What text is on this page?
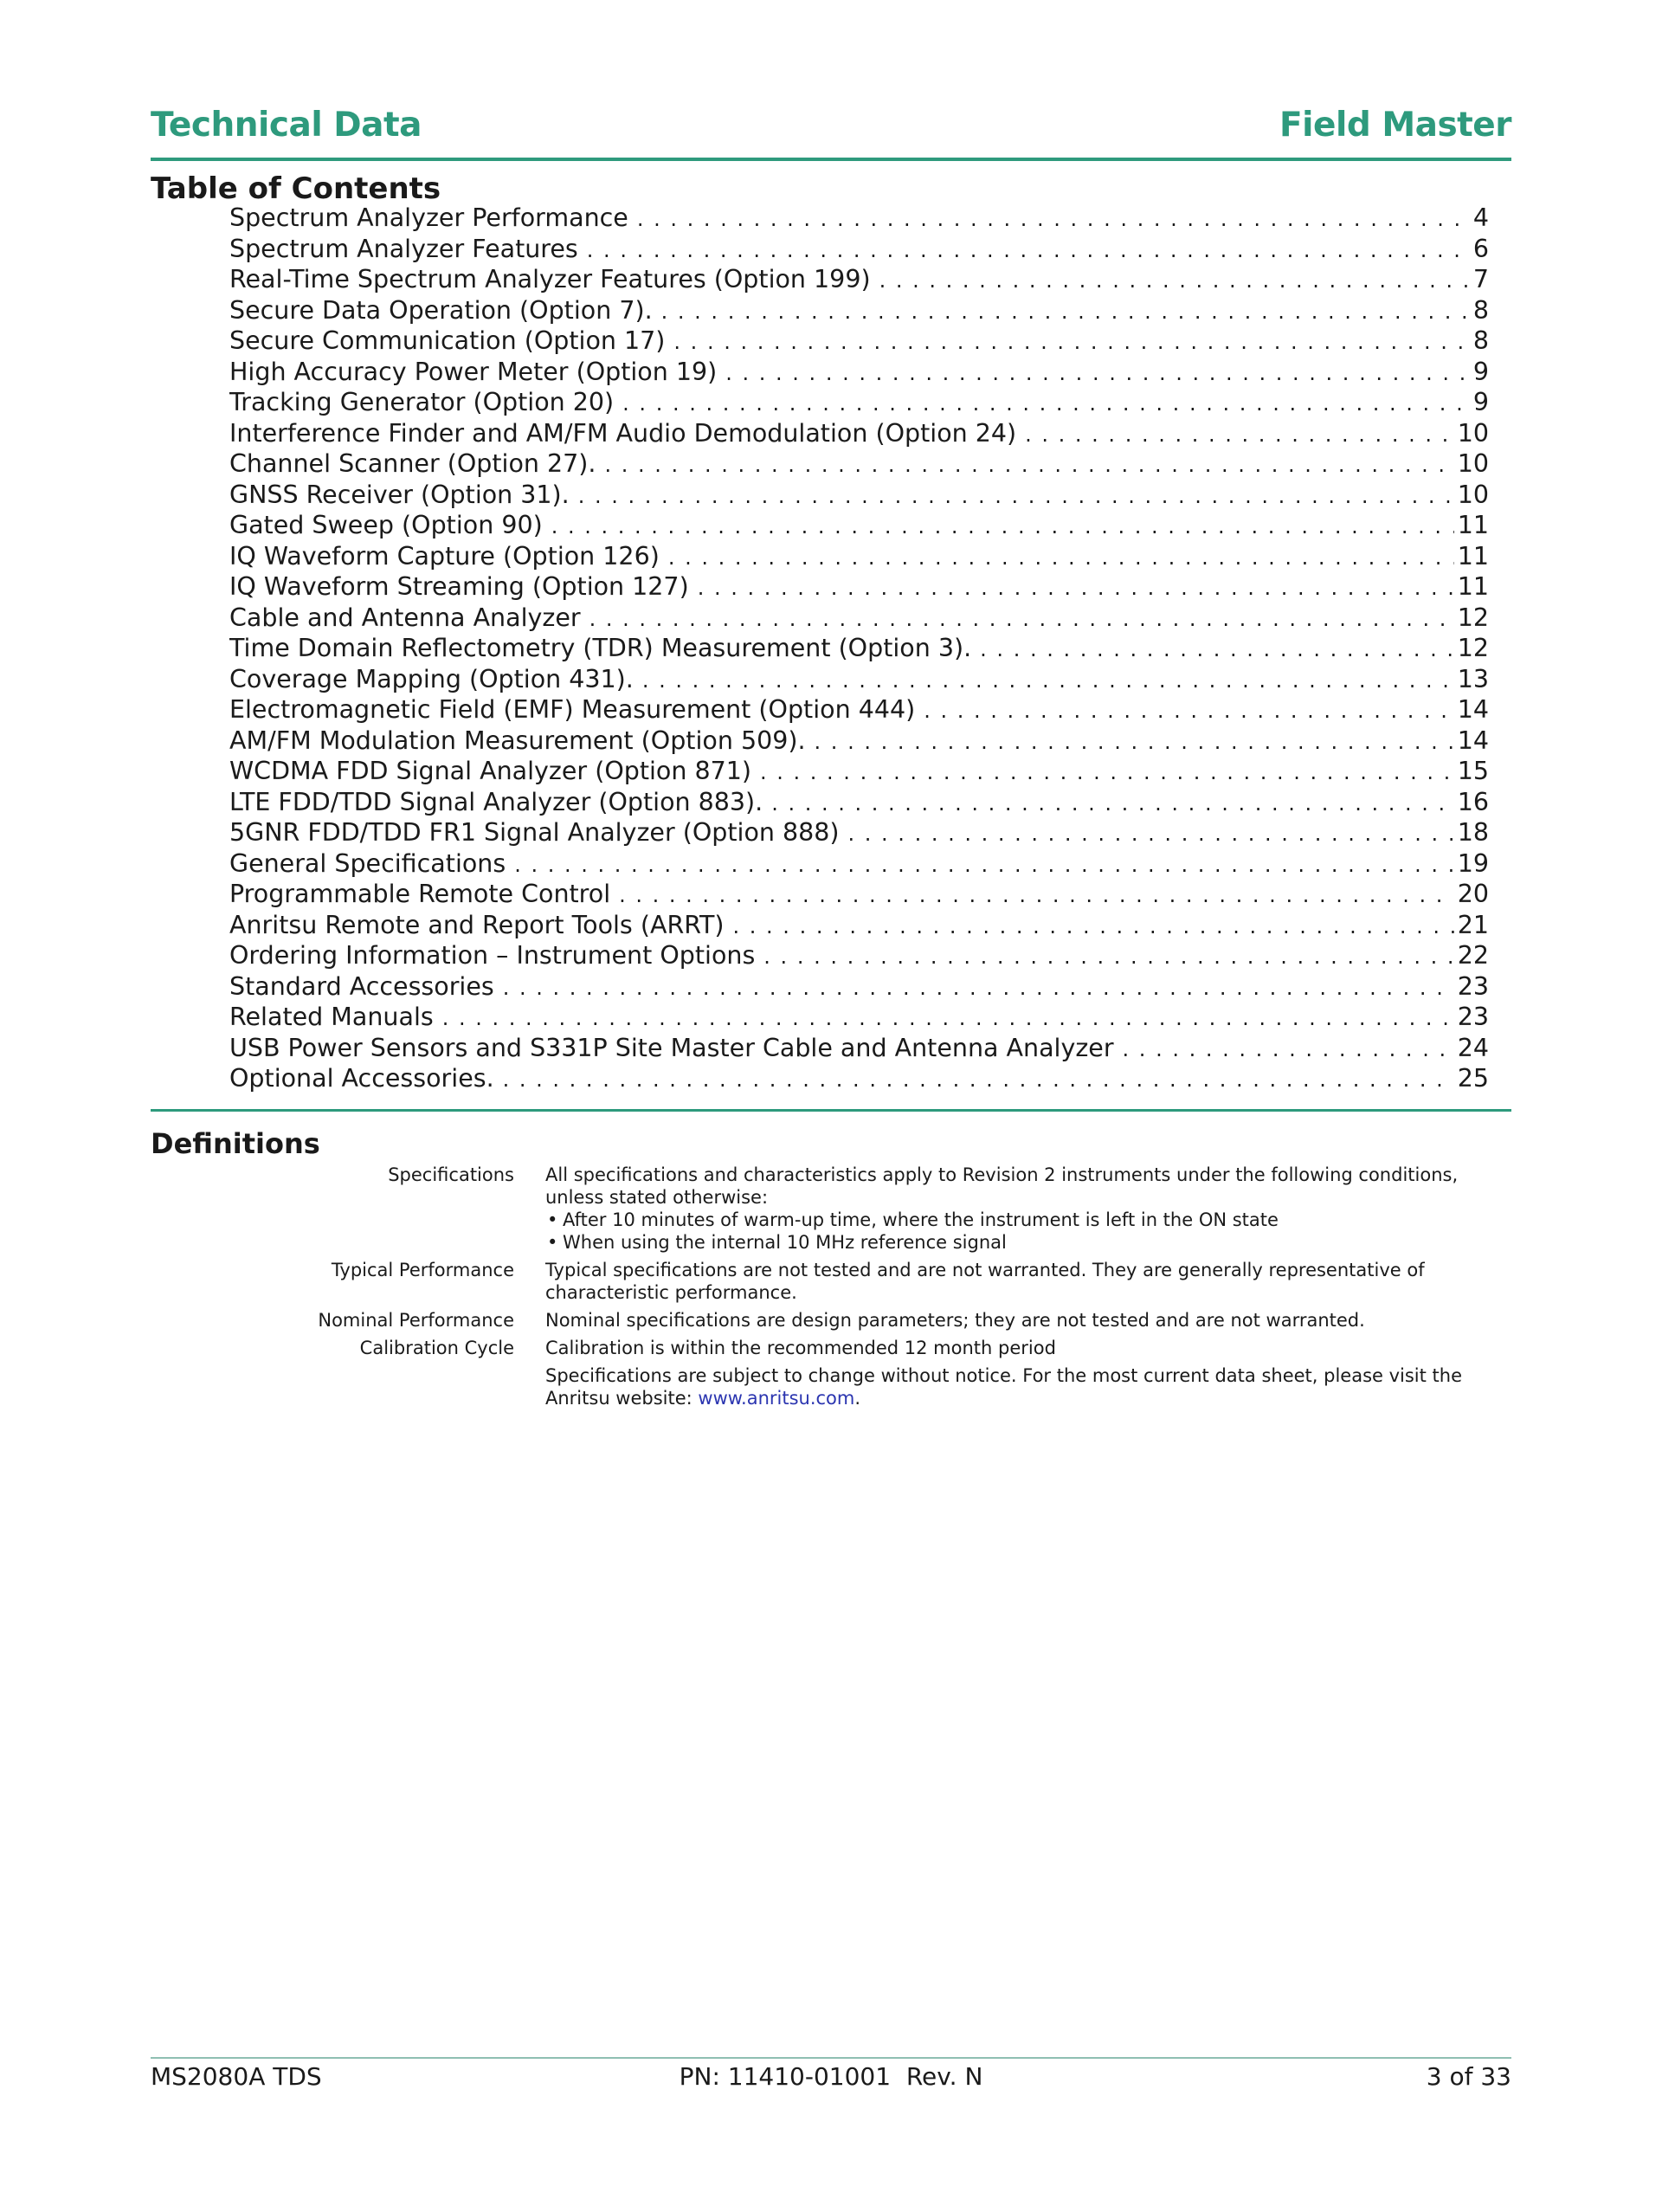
Technical Data	Field Master
Table of Contents
Spectrum Analyzer Performance . . .	4
Spectrum Analyzer Features . . .	6
Real-Time Spectrum Analyzer Features (Option 199) . . .	7
Secure Data Operation (Option 7). . . .	8
Secure Communication (Option 17) . . .	8
High Accuracy Power Meter (Option 19) . . .	9
Tracking Generator (Option 20) . . .	9
Interference Finder and AM/FM Audio Demodulation (Option 24) . . .	10
Channel Scanner (Option 27). . . .	10
GNSS Receiver (Option 31). . . .	10
Gated Sweep (Option 90) . . .	11
IQ Waveform Capture (Option 126) . . .	11
IQ Waveform Streaming (Option 127) . . .	11
Cable and Antenna Analyzer . . .	12
Time Domain Reflectometry (TDR) Measurement (Option 3). . . .	12
Coverage Mapping (Option 431). . . .	13
Electromagnetic Field (EMF) Measurement (Option 444) . . .	14
AM/FM Modulation Measurement (Option 509). . . .	14
WCDMA FDD Signal Analyzer (Option 871) . . .	15
LTE FDD/TDD Signal Analyzer (Option 883). . . .	16
5GNR FDD/TDD FR1 Signal Analyzer (Option 888) . . .	18
General Specifications . . .	19
Programmable Remote Control . . .	20
Anritsu Remote and Report Tools (ARRT) . . .	21
Ordering Information – Instrument Options . . .	22
Standard Accessories . . .	23
Related Manuals . . .	23
USB Power Sensors and S331P Site Master Cable and Antenna Analyzer . . .	24
Optional Accessories. . . .	25
Definitions
Specifications	All specifications and characteristics apply to Revision 2 instruments under the following conditions, unless stated otherwise:
• After 10 minutes of warm-up time, where the instrument is left in the ON state
• When using the internal 10 MHz reference signal
Typical Performance	Typical specifications are not tested and are not warranted. They are generally representative of characteristic performance.
Nominal Performance	Nominal specifications are design parameters; they are not tested and are not warranted.
Calibration Cycle	Calibration is within the recommended 12 month period
Specifications are subject to change without notice. For the most current data sheet, please visit the Anritsu website: www.anritsu.com.
MS2080A TDS	PN: 11410-01001  Rev. N	3 of 33
